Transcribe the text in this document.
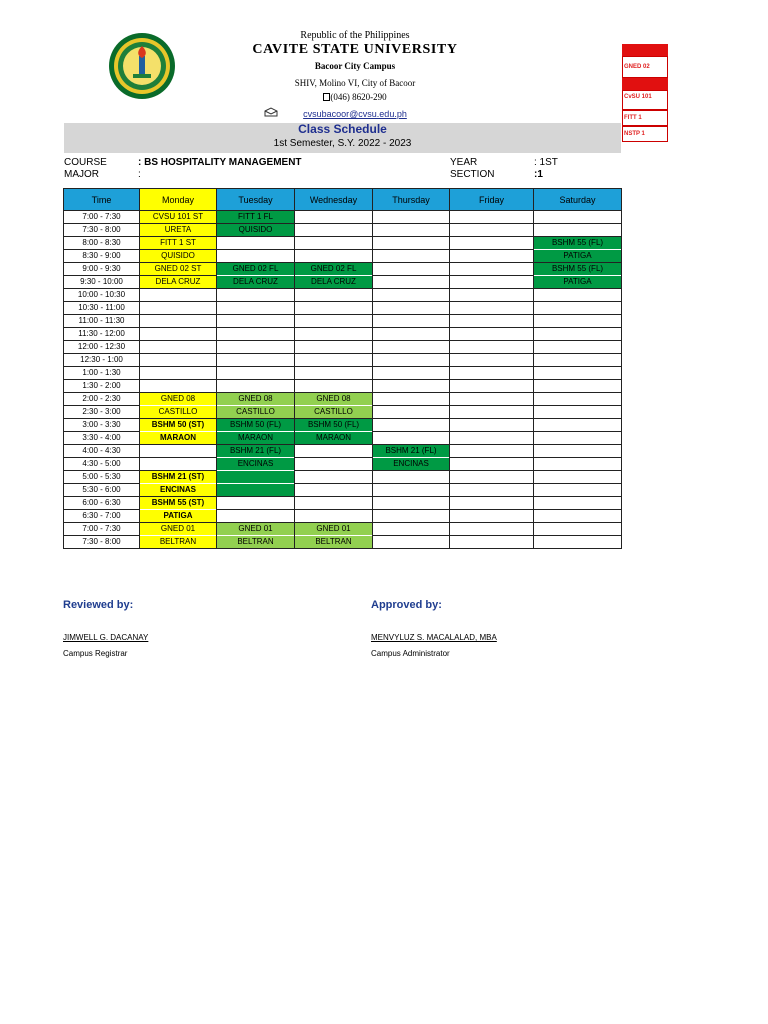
Republic of the Philippines
CAVITE STATE UNIVERSITY
Bacoor City Campus
SHIV, Molino VI, City of Bacoor
(046) 8620-290
cvsubacoor@cvsu.edu.ph
Class Schedule
1st Semester, S.Y. 2022 - 2023
GNED 02
CvSU 101
FITT 1
NSTP 1
COURSE	: BS HOSPITALITY MANAGEMENT
MAJOR	:
YEAR	: 1ST
SECTION	:1
Time	Monday	Tuesday	Wednesday	Thursday	Friday	Saturday
7:00 - 7:30	CVSU 101 ST	FITT 1 FL				
7:30 - 8:00	URETA	QUISIDO				
8:00 - 8:30	FITT 1 ST					BSHM 55 (FL)
8:30 - 9:00	QUISIDO					PATIGA
9:00 - 9:30	GNED 02 ST	GNED 02 FL	GNED 02 FL			BSHM 55 (FL)
9:30 - 10:00	DELA CRUZ	DELA CRUZ	DELA CRUZ			PATIGA
10:00 - 10:30						
10:30 - 11:00						
11:00 - 11:30						
11:30 - 12:00						
12:00 - 12:30						
12:30 - 1:00						
1:00 - 1:30						
1:30 - 2:00						
2:00 - 2:30	GNED 08	GNED 08	GNED 08			
2:30 - 3:00	CASTILLO	CASTILLO	CASTILLO			
3:00 - 3:30	BSHM 50 (ST)	BSHM 50 (FL)	BSHM 50 (FL)			
3:30 - 4:00	MARAON	MARAON	MARAON			
4:00 - 4:30		BSHM 21 (FL)		BSHM 21 (FL)		
4:30 - 5:00		ENCINAS		ENCINAS		
5:00 - 5:30	BSHM 21 (ST)					
5:30 - 6:00	ENCINAS					
6:00 - 6:30	BSHM 55 (ST)					
6:30 - 7:00	PATIGA					
7:00 - 7:30	GNED 01	GNED 01	GNED 01			
7:30 - 8:00	BELTRAN	BELTRAN	BELTRAN			
Reviewed by:
JIMWELL G. DACANAY
Campus Registrar
Approved by:
MENVYLUZ S. MACALALAD, MBA
Campus Administrator
